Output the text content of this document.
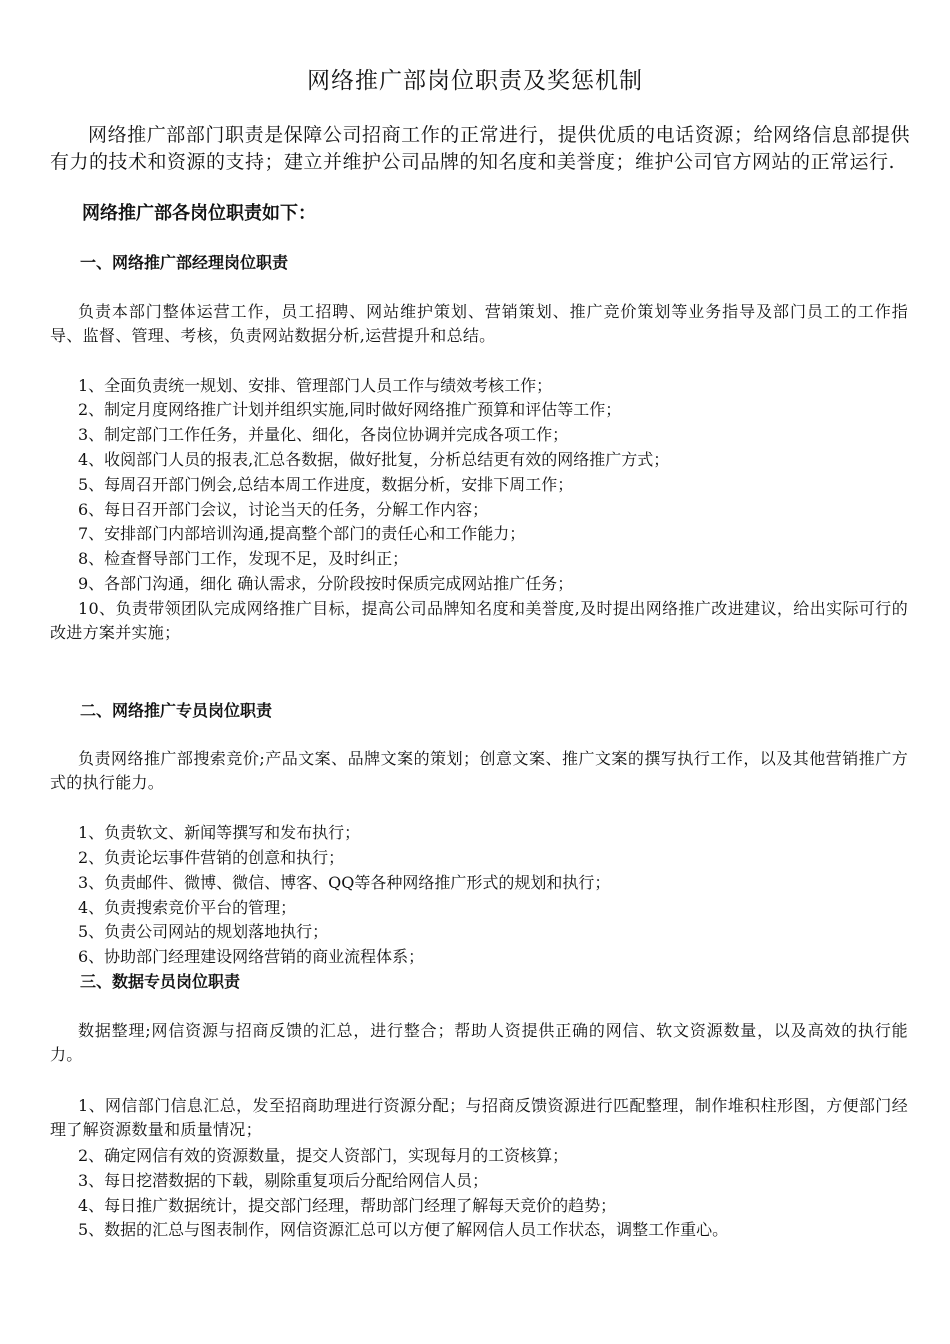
网络推广部岗位职责及奖惩机制
网络推广部部门职责是保障公司招商工作的正常进行，提供优质的电话资源；给网络信息部提供有力的技术和资源的支持；建立并维护公司品牌的知名度和美誉度；维护公司官方网站的正常运行.
网络推广部各岗位职责如下：
一、网络推广部经理岗位职责
负责本部门整体运营工作，员工招聘、网站维护策划、营销策划、推广竞价策划等业务指导及部门员工的工作指导、监督、管理、考核，负责网站数据分析,运营提升和总结。
1、全面负责统一规划、安排、管理部门人员工作与绩效考核工作；
2、制定月度网络推广计划并组织实施,同时做好网络推广预算和评估等工作；
3、制定部门工作任务，并量化、细化，各岗位协调并完成各项工作；
4、收阅部门人员的报表,汇总各数据，做好批复，分析总结更有效的网络推广方式；
5、每周召开部门例会,总结本周工作进度，数据分析，安排下周工作；
6、每日召开部门会议，讨论当天的任务，分解工作内容；
7、安排部门内部培训沟通,提高整个部门的责任心和工作能力；
8、检查督导部门工作，发现不足，及时纠正；
9、各部门沟通，细化 确认需求，分阶段按时保质完成网站推广任务；
10、负责带领团队完成网络推广目标，提高公司品牌知名度和美誉度,及时提出网络推广改进建议，给出实际可行的改进方案并实施；
二、网络推广专员岗位职责
负责网络推广部搜索竞价;产品文案、品牌文案的策划；创意文案、推广文案的撰写执行工作，以及其他营销推广方式的执行能力。
1、负责软文、新闻等撰写和发布执行；
2、负责论坛事件营销的创意和执行；
3、负责邮件、微博、微信、博客、QQ等各种网络推广形式的规划和执行；
4、负责搜索竞价平台的管理；
5、负责公司网站的规划落地执行；
6、协助部门经理建设网络营销的商业流程体系；
三、数据专员岗位职责
数据整理;网信资源与招商反馈的汇总，进行整合；帮助人资提供正确的网信、软文资源数量，以及高效的执行能力。
1、网信部门信息汇总，发至招商助理进行资源分配；与招商反馈资源进行匹配整理，制作堆积柱形图，方便部门经理了解资源数量和质量情况；
2、确定网信有效的资源数量，提交人资部门，实现每月的工资核算；
3、每日挖潜数据的下载，剔除重复项后分配给网信人员；
4、每日推广数据统计，提交部门经理，帮助部门经理了解每天竞价的趋势；
5、数据的汇总与图表制作，网信资源汇总可以方便了解网信人员工作状态，调整工作重心。
